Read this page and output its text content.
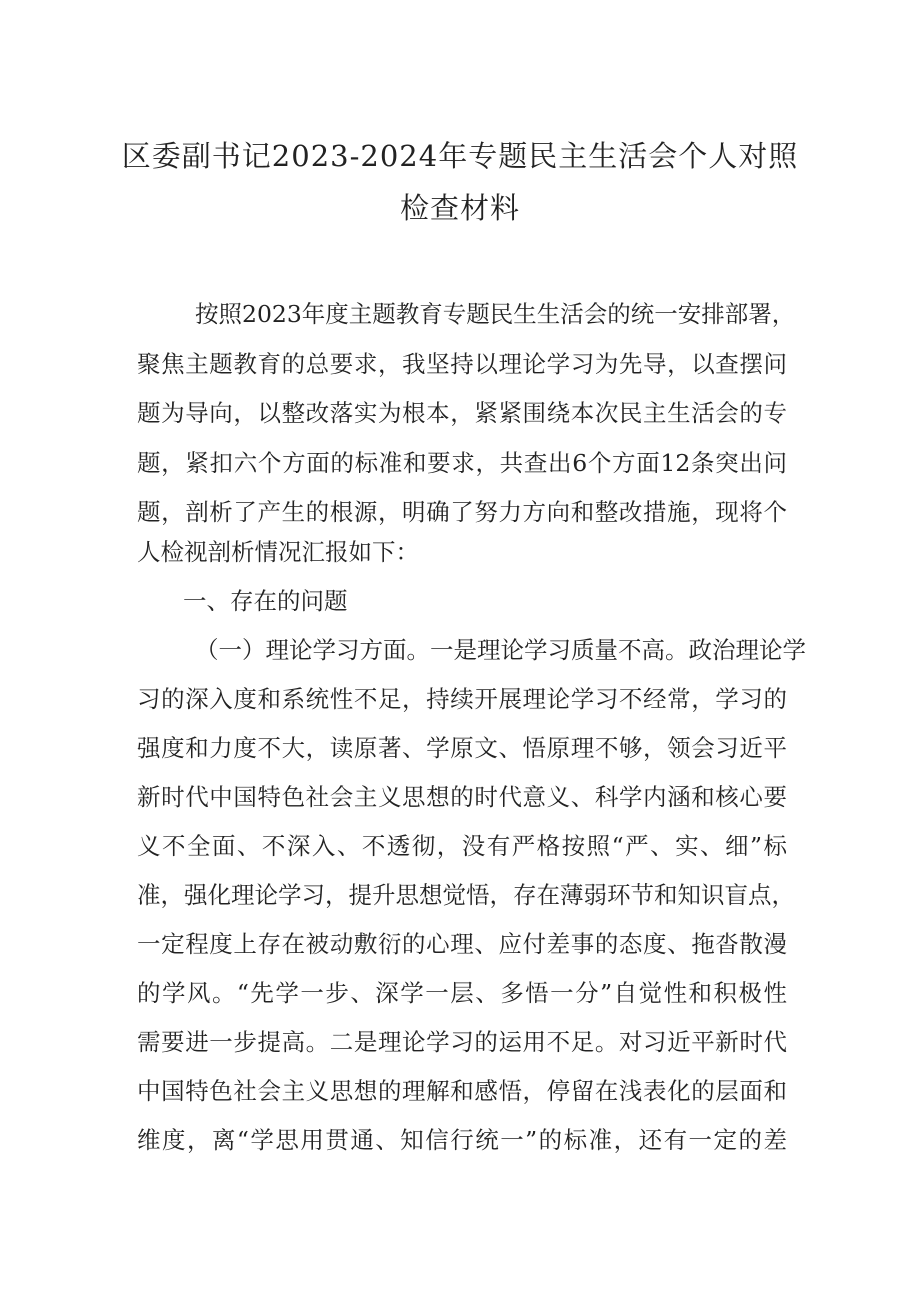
区委副书记2023-2024年专题民主生活会个人对照
检查材料
按照2023年度主题教育专题民生生活会的统一安排部署，
聚焦主题教育的总要求，我坚持以理论学习为先导，以查摆问
题为导向，以整改落实为根本，紧紧围绕本次民主生活会的专
题，紧扣六个方面的标准和要求，共查出6个方面12条突出问
题，剖析了产生的根源，明确了努力方向和整改措施，现将个
人检视剖析情况汇报如下：
一、存在的问题
（一）理论学习方面。一是理论学习质量不高。政治理论学
习的深入度和系统性不足，持续开展理论学习不经常，学习的
强度和力度不大，读原著、学原文、悟原理不够，领会习近平
新时代中国特色社会主义思想的时代意义、科学内涵和核心要
义不全面、不深入、不透彻，没有严格按照“严、实、细”标
准，强化理论学习，提升思想觉悟，存在薄弱环节和知识盲点，
一定程度上存在被动敷衍的心理、应付差事的态度、拖沓散漫
的学风。“先学一步、深学一层、多悟一分”自觉性和积极性
需要进一步提高。二是理论学习的运用不足。对习近平新时代
中国特色社会主义思想的理解和感悟，停留在浅表化的层面和
维度，离“学思用贯通、知信行统一”的标准，还有一定的差
